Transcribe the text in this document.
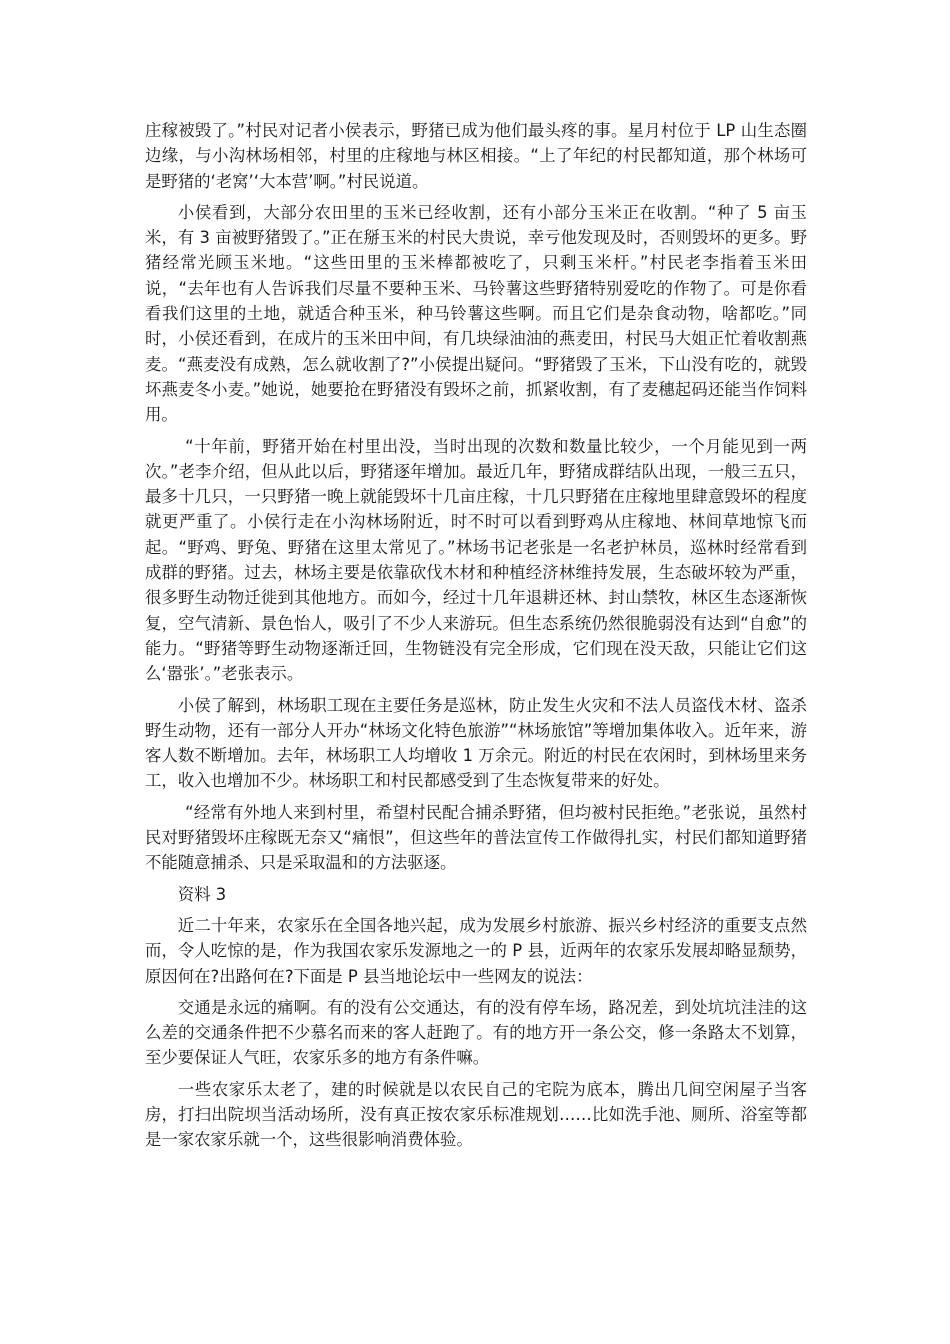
庄稼被毁了。”村民对记者小侯表示，野猪已成为他们最头疼的事。星月村位于 LP 山生态圈边缘，与小沟林场相邻，村里的庄稼地与林区相接。“上了年纪的村民都知道，那个林场可是野猪的‘老窝’‘大本营’啊。”村民说道。

小侯看到，大部分农田里的玉米已经收割，还有小部分玉米正在收割。“种了 5 亩玉米，有 3 亩被野猪毁了。”正在掰玉米的村民大贵说，幸亏他发现及时，否则毁坏的更多。野猪经常光顾玉米地。“这些田里的玉米棒都被吃了，只剩玉米杆。”村民老李指着玉米田说，“去年也有人告诉我们尽量不要种玉米、马铃薯这些野猪特别爱吃的作物了。可是你看看我们这里的土地，就适合种玉米，种马铃薯这些啊。而且它们是杂食动物，啥都吃。”同时，小侯还看到，在成片的玉米田中间，有几块绿油油的燕麦田，村民马大姐正忙着收割燕麦。“燕麦没有成熟，怎么就收割了?”小侯提出疑问。“野猪毁了玉米，下山没有吃的，就毁坏燕麦冬小麦。”她说，她要抢在野猪没有毁坏之前，抓紧收割，有了麦穗起码还能当作饲料用。

“十年前，野猪开始在村里出没，当时出现的次数和数量比较少，一个月能见到一两次。”老李介绍，但从此以后，野猪逐年增加。最近几年，野猪成群结队出现，一般三五只，最多十几只，一只野猪一晚上就能毁坏十几亩庄稼，十几只野猪在庄稼地里肆意毁坏的程度就更严重了。小侯行走在小沟林场附近，时不时可以看到野鸡从庄稼地、林间草地惊飞而起。“野鸡、野兔、野猪在这里太常见了。”林场书记老张是一名老护林员，巡林时经常看到成群的野猪。过去，林场主要是依靠砍伐木材和种植经济林维持发展，生态破坏较为严重，很多野生动物迁徙到其他地方。而如今，经过十几年退耕还林、封山禁牧，林区生态逐渐恢复，空气清新、景色怡人，吸引了不少人来游玩。但生态系统仍然很脆弱没有达到“自愈”的能力。“野猪等野生动物逐渐迁回，生物链没有完全形成，它们现在没天敌，只能让它们这么‘嚣张’。”老张表示。

小侯了解到，林场职工现在主要任务是巡林，防止发生火灾和不法人员盗伐木材、盗杀野生动物，还有一部分人开办“林场文化特色旅游”“林场旅馆”等增加集体收入。近年来，游客人数不断增加。去年，林场职工人均增收 1 万余元。附近的村民在农闲时，到林场里来务工，收入也增加不少。林场职工和村民都感受到了生态恢复带来的好处。

“经常有外地人来到村里，希望村民配合捕杀野猪，但均被村民拒绝。”老张说，虽然村民对野猪毁坏庄稼既无奈又“痛恨”，但这些年的普法宣传工作做得扎实，村民们都知道野猪不能随意捕杀、只是采取温和的方法驱逐。

资料 3

近二十年来，农家乐在全国各地兴起，成为发展乡村旅游、振兴乡村经济的重要支点然而，令人吃惊的是，作为我国农家乐发源地之一的 P 县，近两年的农家乐发展却略显颓势，原因何在?出路何在?下面是 P 县当地论坛中一些网友的说法：

交通是永远的痛啊。有的没有公交通达，有的没有停车场，路况差，到处坑坑洼洼的这么差的交通条件把不少慕名而来的客人赶跑了。有的地方开一条公交，修一条路太不划算，至少要保证人气旺，农家乐多的地方有条件嘛。

一些农家乐太老了，建的时候就是以农民自己的宅院为底本，腾出几间空闲屋子当客房，打扫出院坝当活动场所，没有真正按农家乐标准规划……比如洗手池、厕所、浴室等都是一家农家乐就一个，这些很影响消费体验。
